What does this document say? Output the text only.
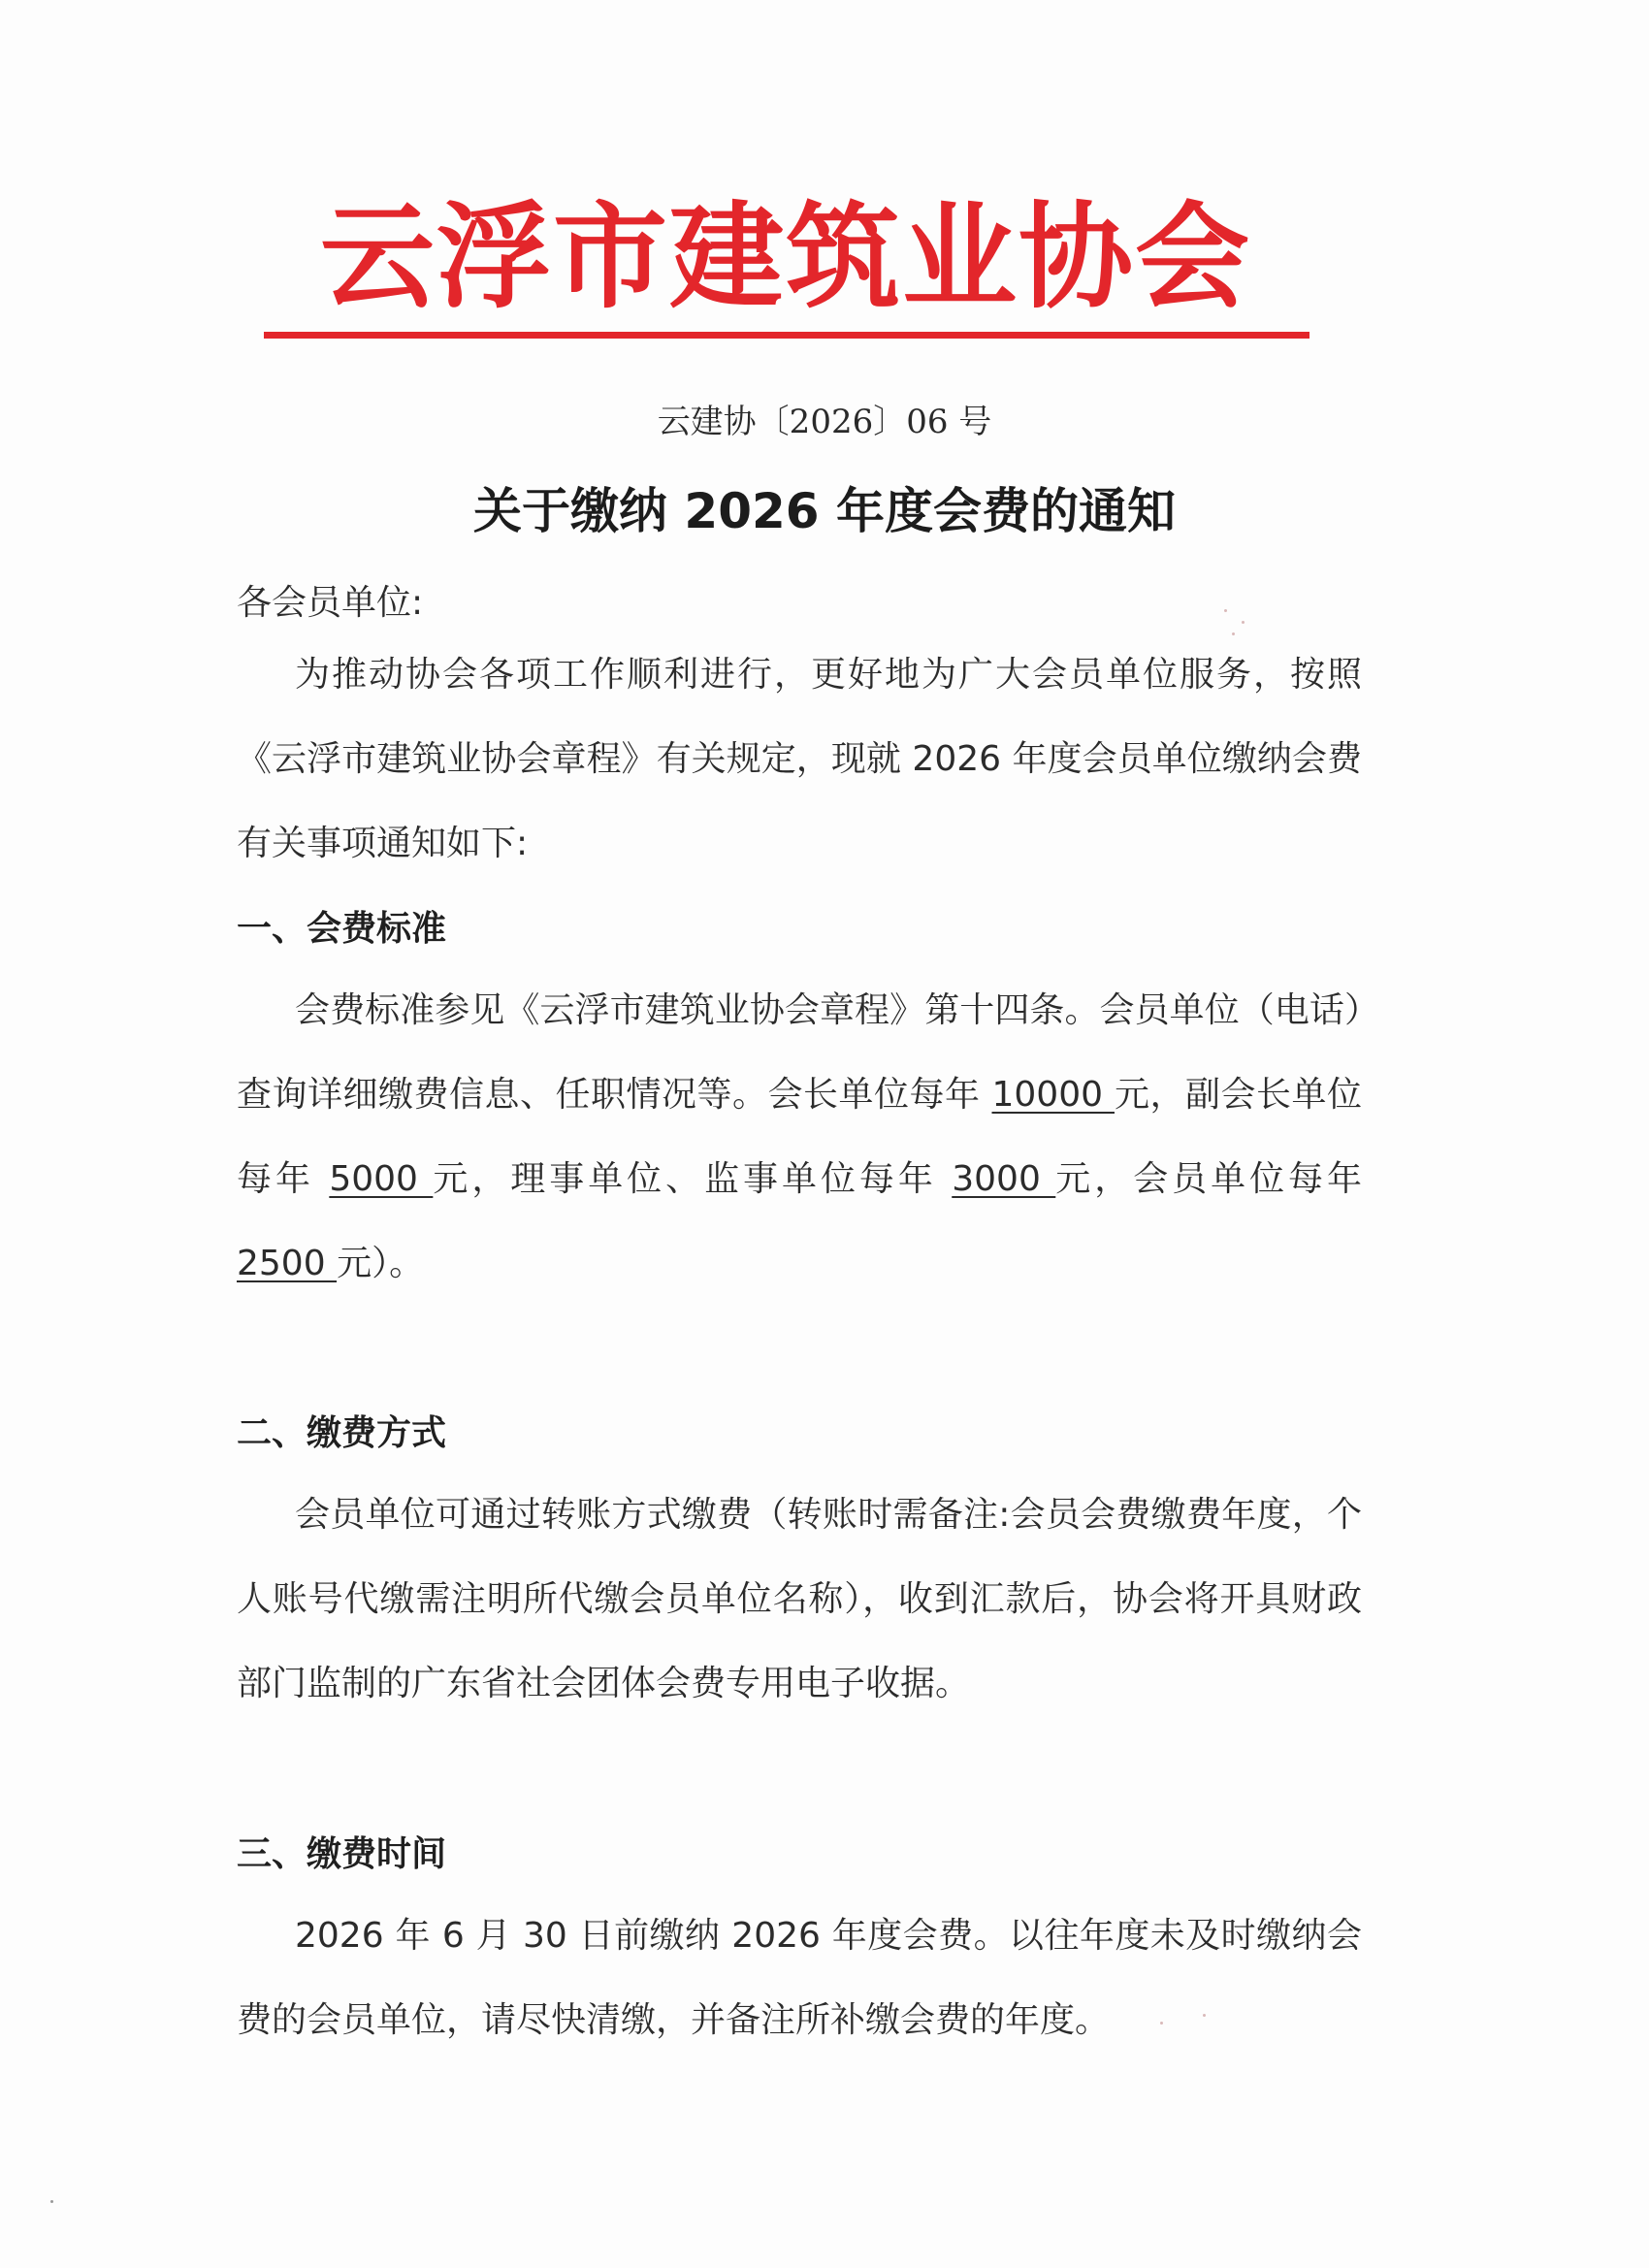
云浮市建筑业协会
云建协〔2026〕06 号
关于缴纳 2026 年度会费的通知

各会员单位:

为推动协会各项工作顺利进行，更好地为广大会员单位服务，按照《云浮市建筑业协会章程》有关规定，现就 2026 年度会员单位缴纳会费有关事项通知如下:

一、会费标准

会费标准参见《云浮市建筑业协会章程》第十四条。会员单位（电话）查询详细缴费信息、任职情况等。会长单位每年 10000 元，副会长单位每年 5000 元，理事单位、监事单位每年 3000 元，会员单位每年 2500 元）。

二、缴费方式

会员单位可通过转账方式缴费（转账时需备注:会员会费缴费年度，个人账号代缴需注明所代缴会员单位名称），收到汇款后，协会将开具财政部门监制的广东省社会团体会费专用电子收据。

三、缴费时间

2026 年 6 月 30 日前缴纳 2026 年度会费。以往年度未及时缴纳会费的会员单位，请尽快清缴，并备注所补缴会费的年度。
